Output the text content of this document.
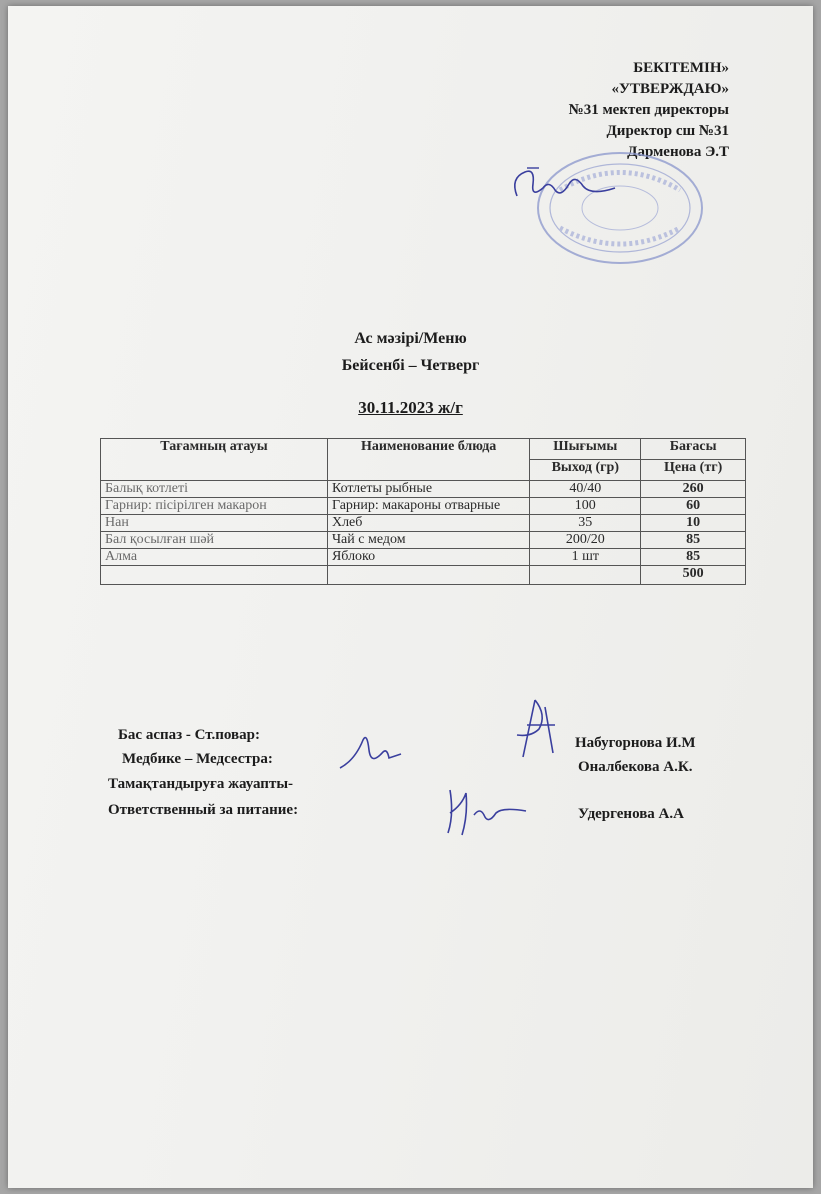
БЕКІТЕМІН»
«УТВЕРЖДАЮ»
№31 мектеп директоры
Директор сш №31
Дарменова Э.Т
Ас мәзірі/Меню
Бейсенбі – Четверг
30.11.2023 ж/г
Тағамның атауы	Наименование блюда	Шығымы	Бағасы
		Выход (гр)	Цена (тг)
Балық котлеті	Котлеты рыбные	40/40	260
Гарнир: пісірілген макарон	Гарнир: макароны отварные	100	60
Нан	Хлеб	35	10
Бал қосылған шәй	Чай с медом	200/20	85
Алма	Яблоко	1 шт	85
			500
Бас аспаз - Ст.повар:
Медбике – Медсестра:
Тамақтандыруға жауапты-
Ответственный за питание:
Набугорнова И.М
Оналбекова А.К.
Удергенова А.А
